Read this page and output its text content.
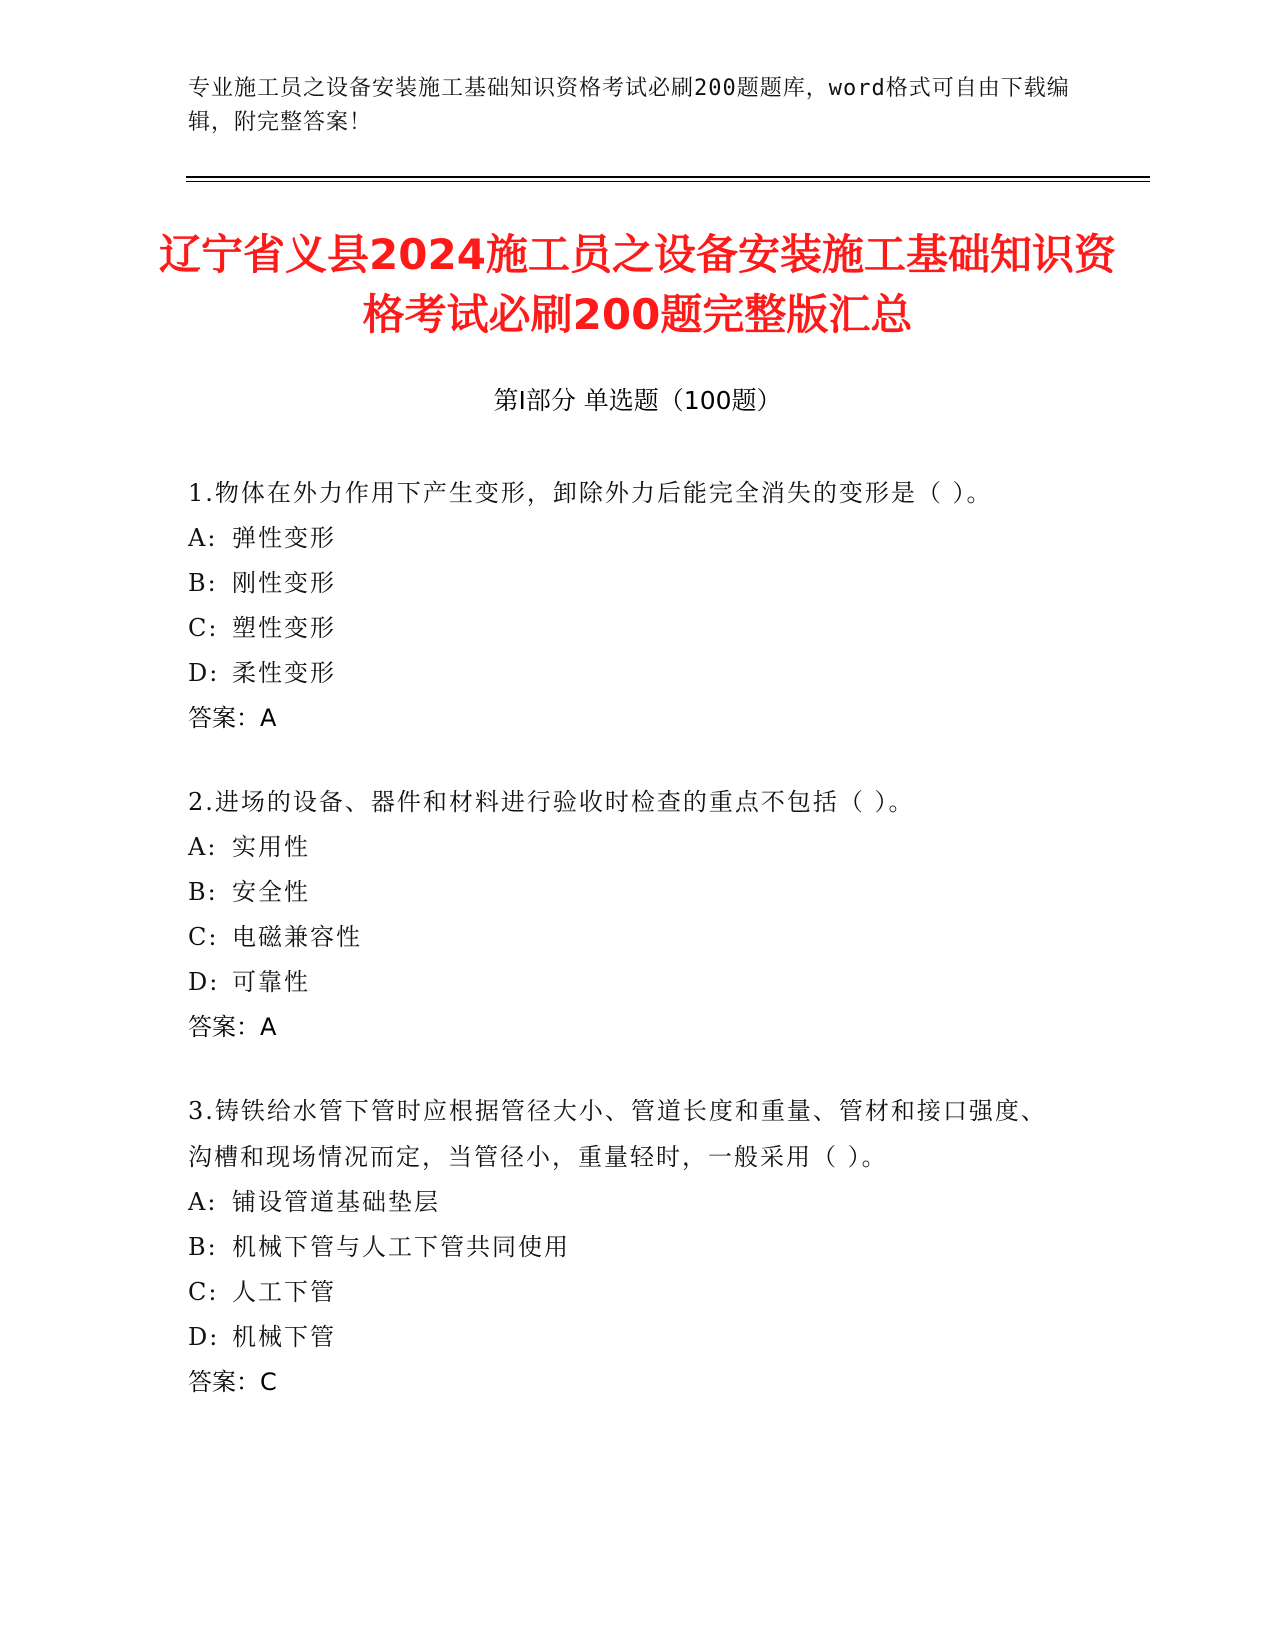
专业施工员之设备安装施工基础知识资格考试必刷200题题库，word格式可自由下载编辑，附完整答案！
辽宁省义县2024施工员之设备安装施工基础知识资格考试必刷200题完整版汇总
第Ⅰ部分 单选题（100题）
1.物体在外力作用下产生变形，卸除外力后能完全消失的变形是（ ）。
A: 弹性变形
B: 刚性变形
C: 塑性变形
D: 柔性变形
答案：A
2.进场的设备、器件和材料进行验收时检查的重点不包括（ ）。
A: 实用性
B: 安全性
C: 电磁兼容性
D: 可靠性
答案：A
3.铸铁给水管下管时应根据管径大小、管道长度和重量、管材和接口强度、沟槽和现场情况而定，当管径小，重量轻时，一般采用（ ）。
A: 铺设管道基础垫层
B: 机械下管与人工下管共同使用
C: 人工下管
D: 机械下管
答案：C
